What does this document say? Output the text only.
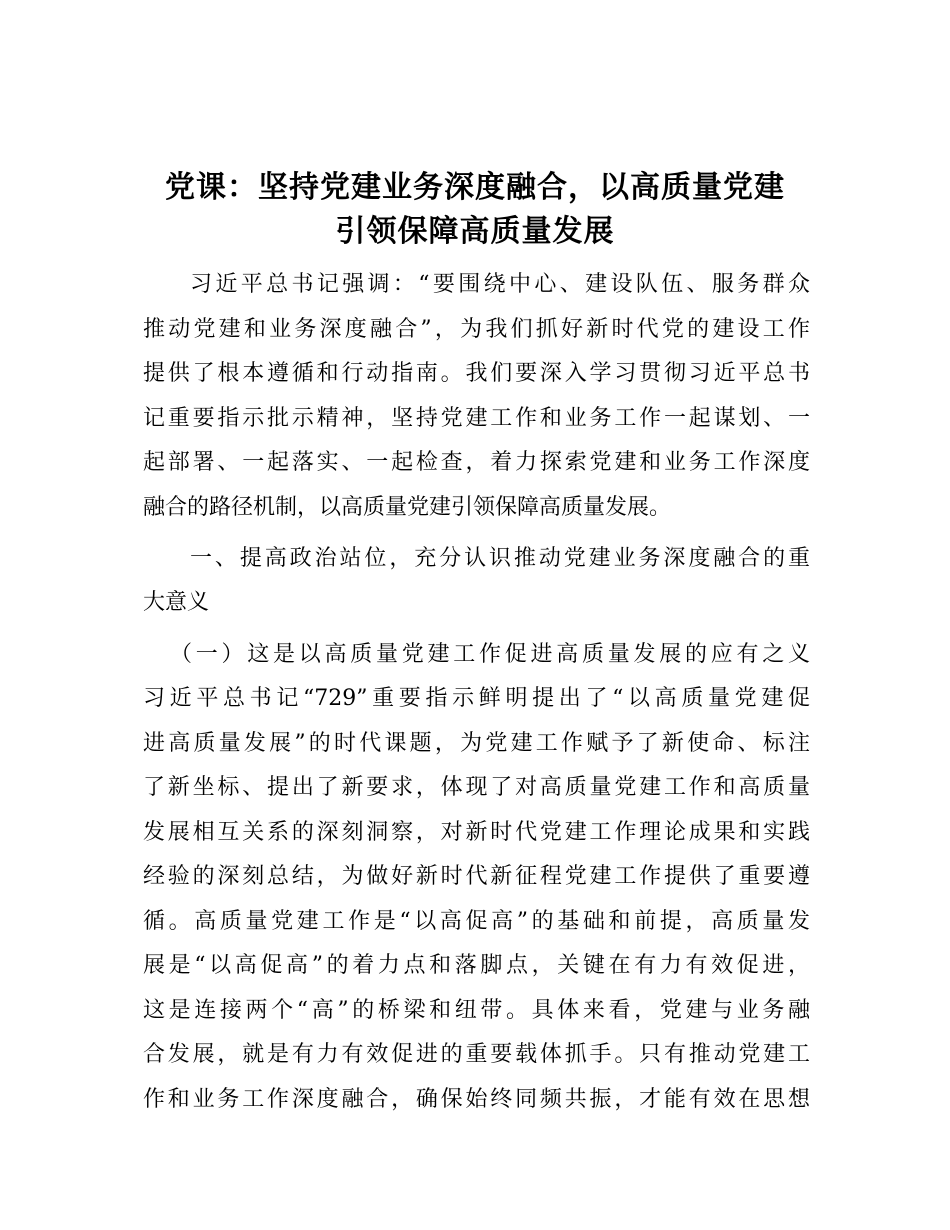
党课：坚持党建业务深度融合，以高质量党建
引领保障高质量发展
习近平总书记强调：“要围绕中心、建设队伍、服务群众
推动党建和业务深度融合”，为我们抓好新时代党的建设工作
提供了根本遵循和行动指南。我们要深入学习贯彻习近平总书
记重要指示批示精神，坚持党建工作和业务工作一起谋划、一
起部署、一起落实、一起检查，着力探索党建和业务工作深度
融合的路径机制，以高质量党建引领保障高质量发展。
一、提高政治站位，充分认识推动党建业务深度融合的重
大意义
（一）这是以高质量党建工作促进高质量发展的应有之义
习近平总书记“729”重要指示鲜明提出了“以高质量党建促
进高质量发展”的时代课题，为党建工作赋予了新使命、标注
了新坐标、提出了新要求，体现了对高质量党建工作和高质量
发展相互关系的深刻洞察，对新时代党建工作理论成果和实践
经验的深刻总结，为做好新时代新征程党建工作提供了重要遵
循。高质量党建工作是“以高促高”的基础和前提，高质量发
展是“以高促高”的着力点和落脚点，关键在有力有效促进，
这是连接两个“高”的桥梁和纽带。具体来看，党建与业务融
合发展，就是有力有效促进的重要载体抓手。只有推动党建工
作和业务工作深度融合，确保始终同频共振，才能有效在思想
